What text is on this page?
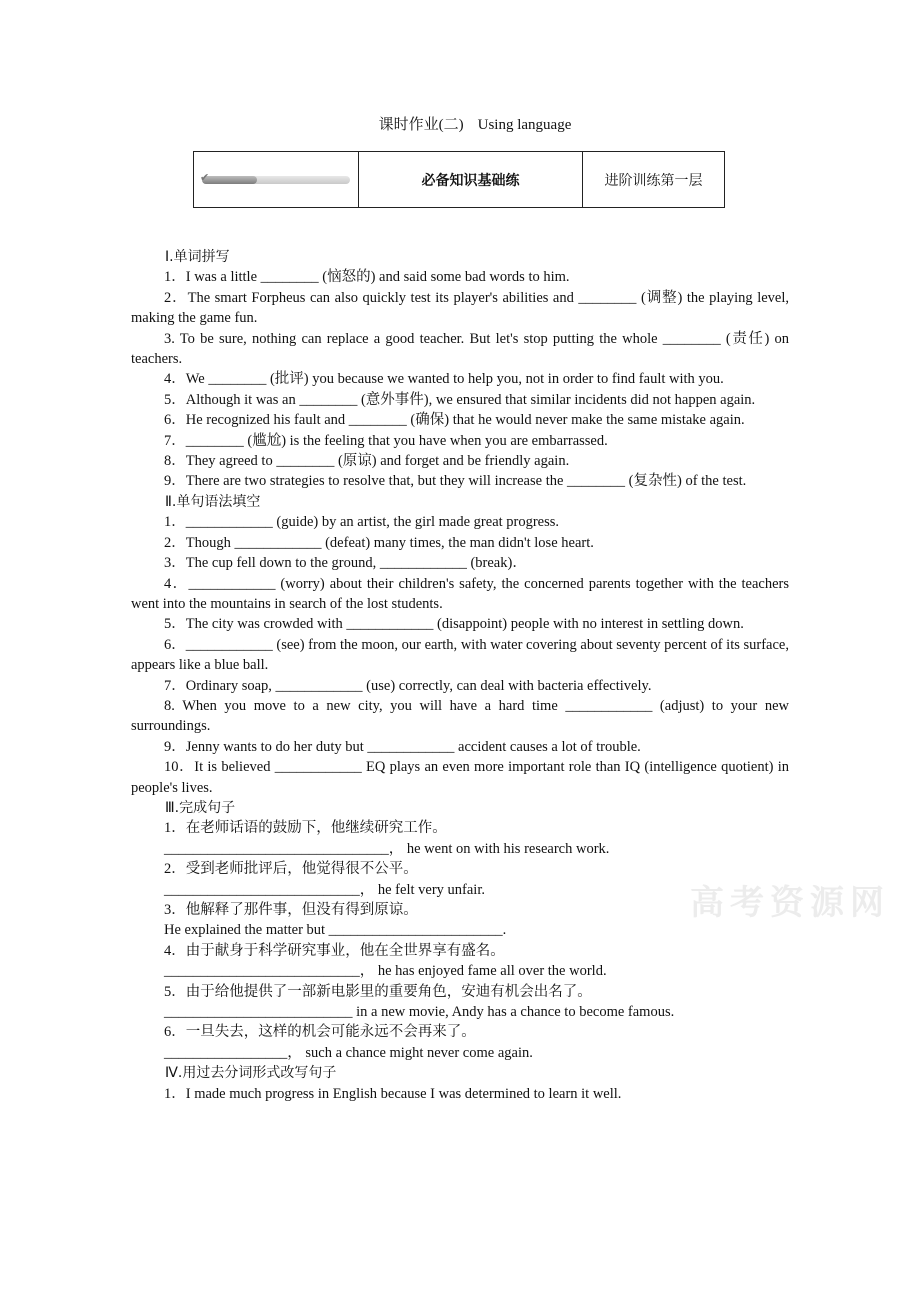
课时作业(二) Using language
✔	必备知识基础练	进阶训练第一层

Ⅰ.单词拼写

1．I was a little ________ (恼怒的) and said some bad words to him.

2．The smart Forpheus can also quickly test its player's abilities and ________ (调整) the playing level, making the game fun.

3. To be sure, nothing can replace a good teacher. But let's stop putting the whole ________ (责任) on teachers.

4．We ________ (批评) you because we wanted to help you, not in order to find fault with you.

5．Although it was an ________ (意外事件), we ensured that similar incidents did not happen again.

6．He recognized his fault and ________ (确保) that he would never make the same mistake again.

7．________ (尴尬) is the feeling that you have when you are embarrassed.

8．They agreed to ________ (原谅) and forget and be friendly again.

9．There are two strategies to resolve that, but they will increase the ________ (复杂性) of the test.

Ⅱ.单句语法填空

1．____________ (guide) by an artist, the girl made great progress.

2．Though ____________ (defeat) many times, the man didn't lose heart.

3．The cup fell down to the ground, ____________ (break)．

4．____________ (worry) about their children's safety, the concerned parents together with the teachers went into the mountains in search of the lost students.

5．The city was crowded with ____________ (disappoint) people with no interest in settling down.

6．____________ (see) from the moon, our earth, with water covering about seventy percent of its surface, appears like a blue ball.

7．Ordinary soap, ____________ (use) correctly, can deal with bacteria effectively.

8. When you move to a new city, you will have a hard time ____________ (adjust) to your new surroundings.

9．Jenny wants to do her duty but ____________ accident causes a lot of trouble.

10．It is believed ____________ EQ plays an even more important role than IQ (intelligence quotient) in people's lives.

Ⅲ.完成句子

1．在老师话语的鼓励下，他继续研究工作。

_______________________________， he went on with his research work.

2．受到老师批评后，他觉得很不公平。

___________________________， he felt very unfair.

3．他解释了那件事，但没有得到原谅。

He explained the matter but ________________________.

4．由于献身于科学研究事业，他在全世界享有盛名。

___________________________， he has enjoyed fame all over the world.

5．由于给他提供了一部新电影里的重要角色，安迪有机会出名了。

__________________________ in a new movie, Andy has a chance to become famous.

6．一旦失去，这样的机会可能永远不会再来了。

_________________， such a chance might never come again.

Ⅳ.用过去分词形式改写句子

1．I made much progress in English because I was determined to learn it well.

高考资源网
